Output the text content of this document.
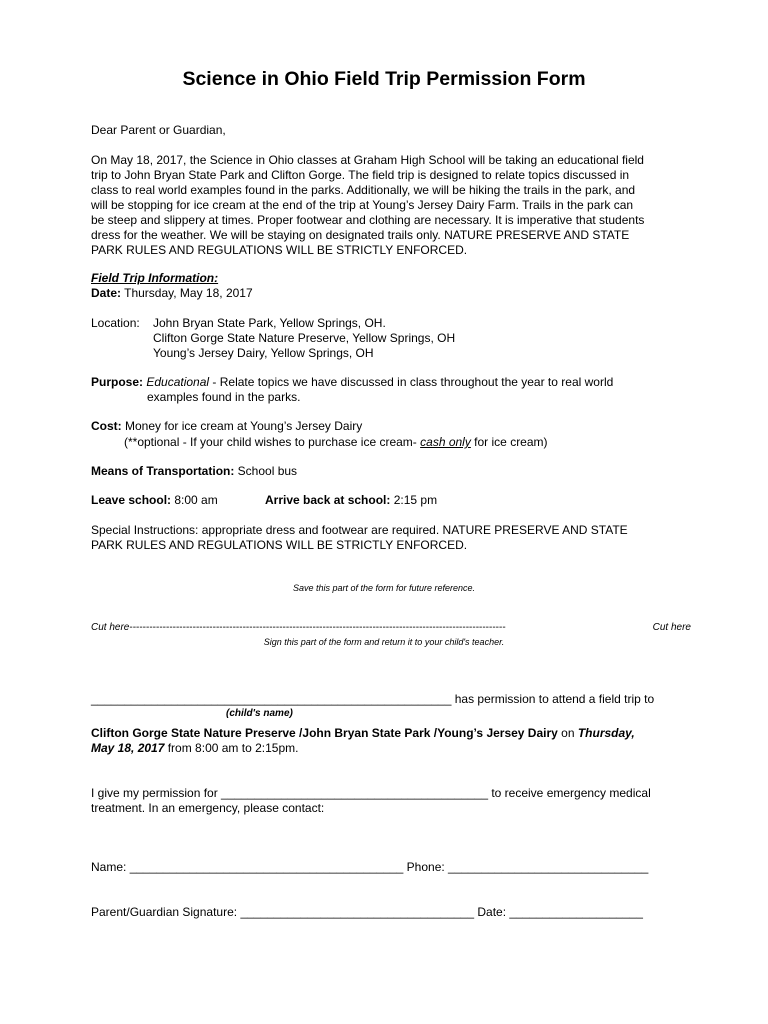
Science in Ohio Field Trip Permission Form

Dear Parent or Guardian,

On May 18, 2017, the Science in Ohio classes at Graham High School will be taking an educational field
trip to John Bryan State Park and Clifton Gorge. The field trip is designed to relate topics discussed in
class to real world examples found in the parks. Additionally, we will be hiking the trails in the park, and
will be stopping for ice cream at the end of the trip at Young’s Jersey Dairy Farm. Trails in the park can
be steep and slippery at times. Proper footwear and clothing are necessary. It is imperative that students
dress for the weather. We will be staying on designated trails only. NATURE PRESERVE AND STATE
PARK RULES AND REGULATIONS WILL BE STRICTLY ENFORCED.

Field Trip Information:

Date: Thursday, May 18, 2017

Location:	John Bryan State Park, Yellow Springs, OH.

Clifton Gorge State Nature Preserve, Yellow Springs, OH

Young’s Jersey Dairy, Yellow Springs, OH

Purpose: Educational - Relate topics we have discussed in class throughout the year to real world

examples found in the parks.

Cost: Money for ice cream at Young’s Jersey Dairy

(**optional - If your child wishes to purchase ice cream- cash only for ice cream)

Means of Transportation: School bus

Leave school: 8:00 am	Arrive back at school: 2:15 pm

Special Instructions: appropriate dress and footwear are required. NATURE PRESERVE AND STATE
PARK RULES AND REGULATIONS WILL BE STRICTLY ENFORCED.

Save this part of the form for future reference.

Cut here -----------------------------------------------------------------------------------------------------------------	Cut here

Sign this part of the form and return it to your child's teacher.

______________________________________________________ has permission to attend a field trip to

(child's name)

Clifton Gorge State Nature Preserve /John Bryan State Park /Young’s Jersey Dairy on Thursday,

May 18, 2017 from 8:00 am to 2:15pm.

I give my permission for ________________________________________ to receive emergency medical

treatment. In an emergency, please contact:

Name: _________________________________________ Phone: ______________________________

Parent/Guardian Signature: ___________________________________ Date: ____________________
